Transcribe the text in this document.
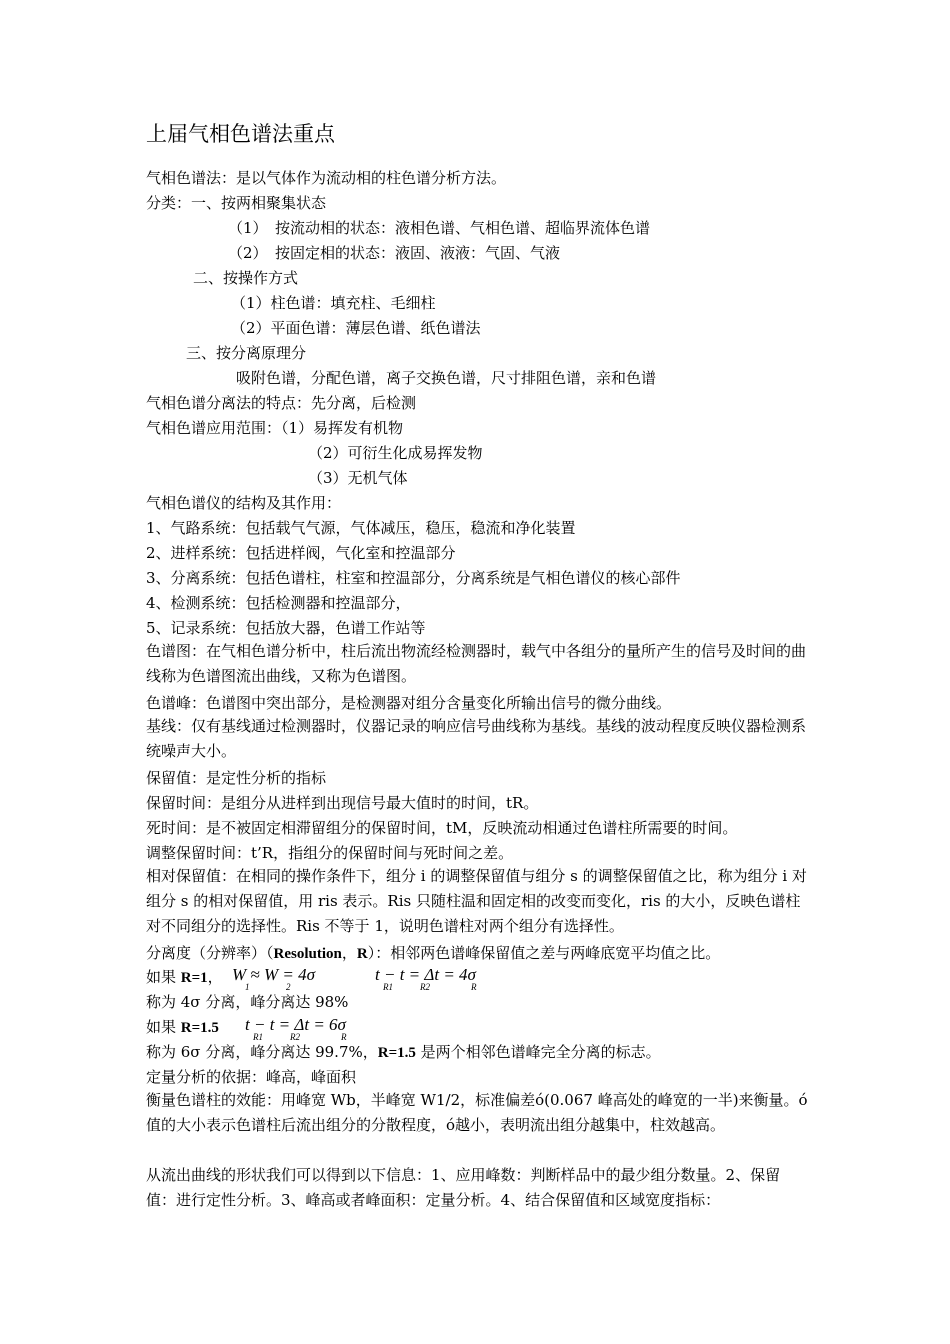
上届气相色谱法重点
气相色谱法：是以气体作为流动相的柱色谱分析方法。
分类：一、按两相聚集状态
（1）　按流动相的状态：液相色谱、气相色谱、超临界流体色谱
（2）　按固定相的状态：液固、液液：气固、气液
二、按操作方式
（1）柱色谱：填充柱、毛细柱
（2）平面色谱：薄层色谱、纸色谱法
三、按分离原理分
吸附色谱，分配色谱，离子交换色谱，尺寸排阻色谱，亲和色谱
气相色谱分离法的特点：先分离，后检测
气相色谱应用范围：（1）易挥发有机物
（2）可衍生化成易挥发物
（3）无机气体
气相色谱仪的结构及其作用：
1、气路系统：包括载气气源，气体减压，稳压，稳流和净化装置
2、进样系统：包括进样阀，气化室和控温部分
3、分离系统：包括色谱柱，柱室和控温部分，分离系统是气相色谱仪的核心部件
4、检测系统：包括检测器和控温部分，
5、记录系统：包括放大器，色谱工作站等
色谱图：在气相色谱分析中，柱后流出物流经检测器时，载气中各组分的量所产生的信号及时间的曲线称为色谱图流出曲线，又称为色谱图。
色谱峰：色谱图中突出部分，是检测器对组分含量变化所输出信号的微分曲线。
基线：仅有基线通过检测器时，仪器记录的响应信号曲线称为基线。基线的波动程度反映仪器检测系统噪声大小。
保留值：是定性分析的指标
保留时间：是组分从进样到出现信号最大值时的时间，tR。
死时间：是不被固定相滞留组分的保留时间，tM，反映流动相通过色谱柱所需要的时间。
调整保留时间：t’R，指组分的保留时间与死时间之差。
相对保留值：在相同的操作条件下，组分 i 的调整保留值与组分 s 的调整保留值之比，称为组分 i 对组分 s 的相对保留值，用 ris 表示。Ris 只随柱温和固定相的改变而变化，ris 的大小，反映色谱柱对不同组分的选择性。Ris 不等于 1，说明色谱柱对两个组分有选择性。
分离度（分辨率）（Resolution，R）：相邻两色谱峰保留值之差与两峰底宽平均值之比。
如果 R=1， W ≈ W = 4σ
1	2
t − t = Δt = 4σ
R1	R2	R
称为 4σ 分离，峰分离达 98%
如果 R=1.5 t − t = Δt = 6σ
R1	R2	R
称为 6σ 分离，峰分离达 99.7%，R=1.5 是两个相邻色谱峰完全分离的标志。
定量分析的依据：峰高，峰面积
衡量色谱柱的效能：用峰宽 Wb，半峰宽 W1/2，标准偏差ó(0.067 峰高处的峰宽的一半)来衡量。ó值的大小表示色谱柱后流出组分的分散程度，ó越小，表明流出组分越集中，柱效越高。
从流出曲线的形状我们可以得到以下信息：1、应用峰数：判断样品中的最少组分数量。2、保留值：进行定性分析。3、峰高或者峰面积：定量分析。4、结合保留值和区域宽度指标：
